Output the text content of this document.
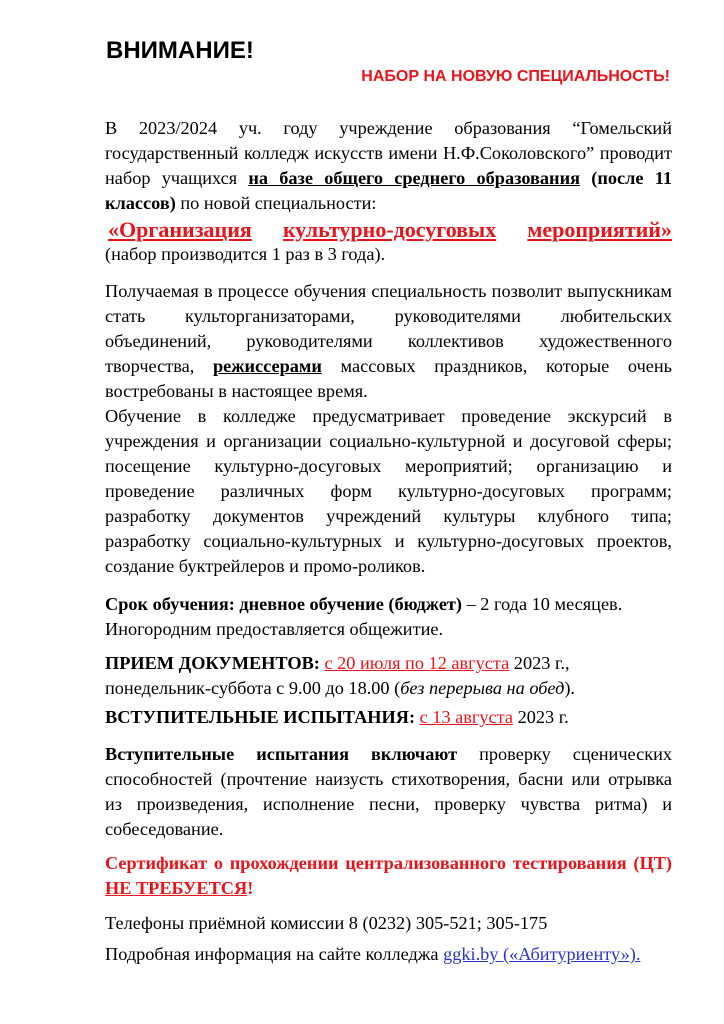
ВНИМАНИЕ!
НАБОР НА НОВУЮ СПЕЦИАЛЬНОСТЬ!

В 2023/2024 уч. году учреждение образования “Гомельский государственный колледж искусств имени Н.Ф.Соколовского” проводит набор учащихся на базе общего среднего образования (после 11 классов) по новой специальности:

«Организация культурно-досуговых мероприятий»

(набор производится 1 раз в 3 года).

Получаемая в процессе обучения специальность позволит выпускникам стать культорганизаторами, руководителями любительских объединений, руководителями коллективов художественного творчества, режиссерами массовых праздников, которые очень востребованы в настоящее время.

Обучение в колледже предусматривает проведение экскурсий в учреждения и организации социально-культурной и досуговой сферы; посещение культурно-досуговых мероприятий; организацию и проведение различных форм культурно-досуговых программ; разработку документов учреждений культуры клубного типа; разработку социально-культурных и культурно-досуговых проектов, создание буктрейлеров и промо-роликов.

Срок обучения: дневное обучение (бюджет) – 2 года 10 месяцев.

Иногородним предоставляется общежитие.

ПРИЕМ ДОКУМЕНТОВ: с 20 июля по 12 августа 2023 г.,

понедельник-суббота с 9.00 до 18.00 (без перерыва на обед).

ВСТУПИТЕЛЬНЫЕ ИСПЫТАНИЯ: с 13 августа 2023 г.

Вступительные испытания включают проверку сценических способностей (прочтение наизусть стихотворения, басни или отрывка из произведения, исполнение песни, проверку чувства ритма) и собеседование.

Сертификат о прохождении централизованного тестирования (ЦТ) НЕ ТРЕБУЕТСЯ!

Телефоны приёмной комиссии 8 (0232) 305-521; 305-175

Подробная информация на сайте колледжа ggki.by («Абитуриенту»).
